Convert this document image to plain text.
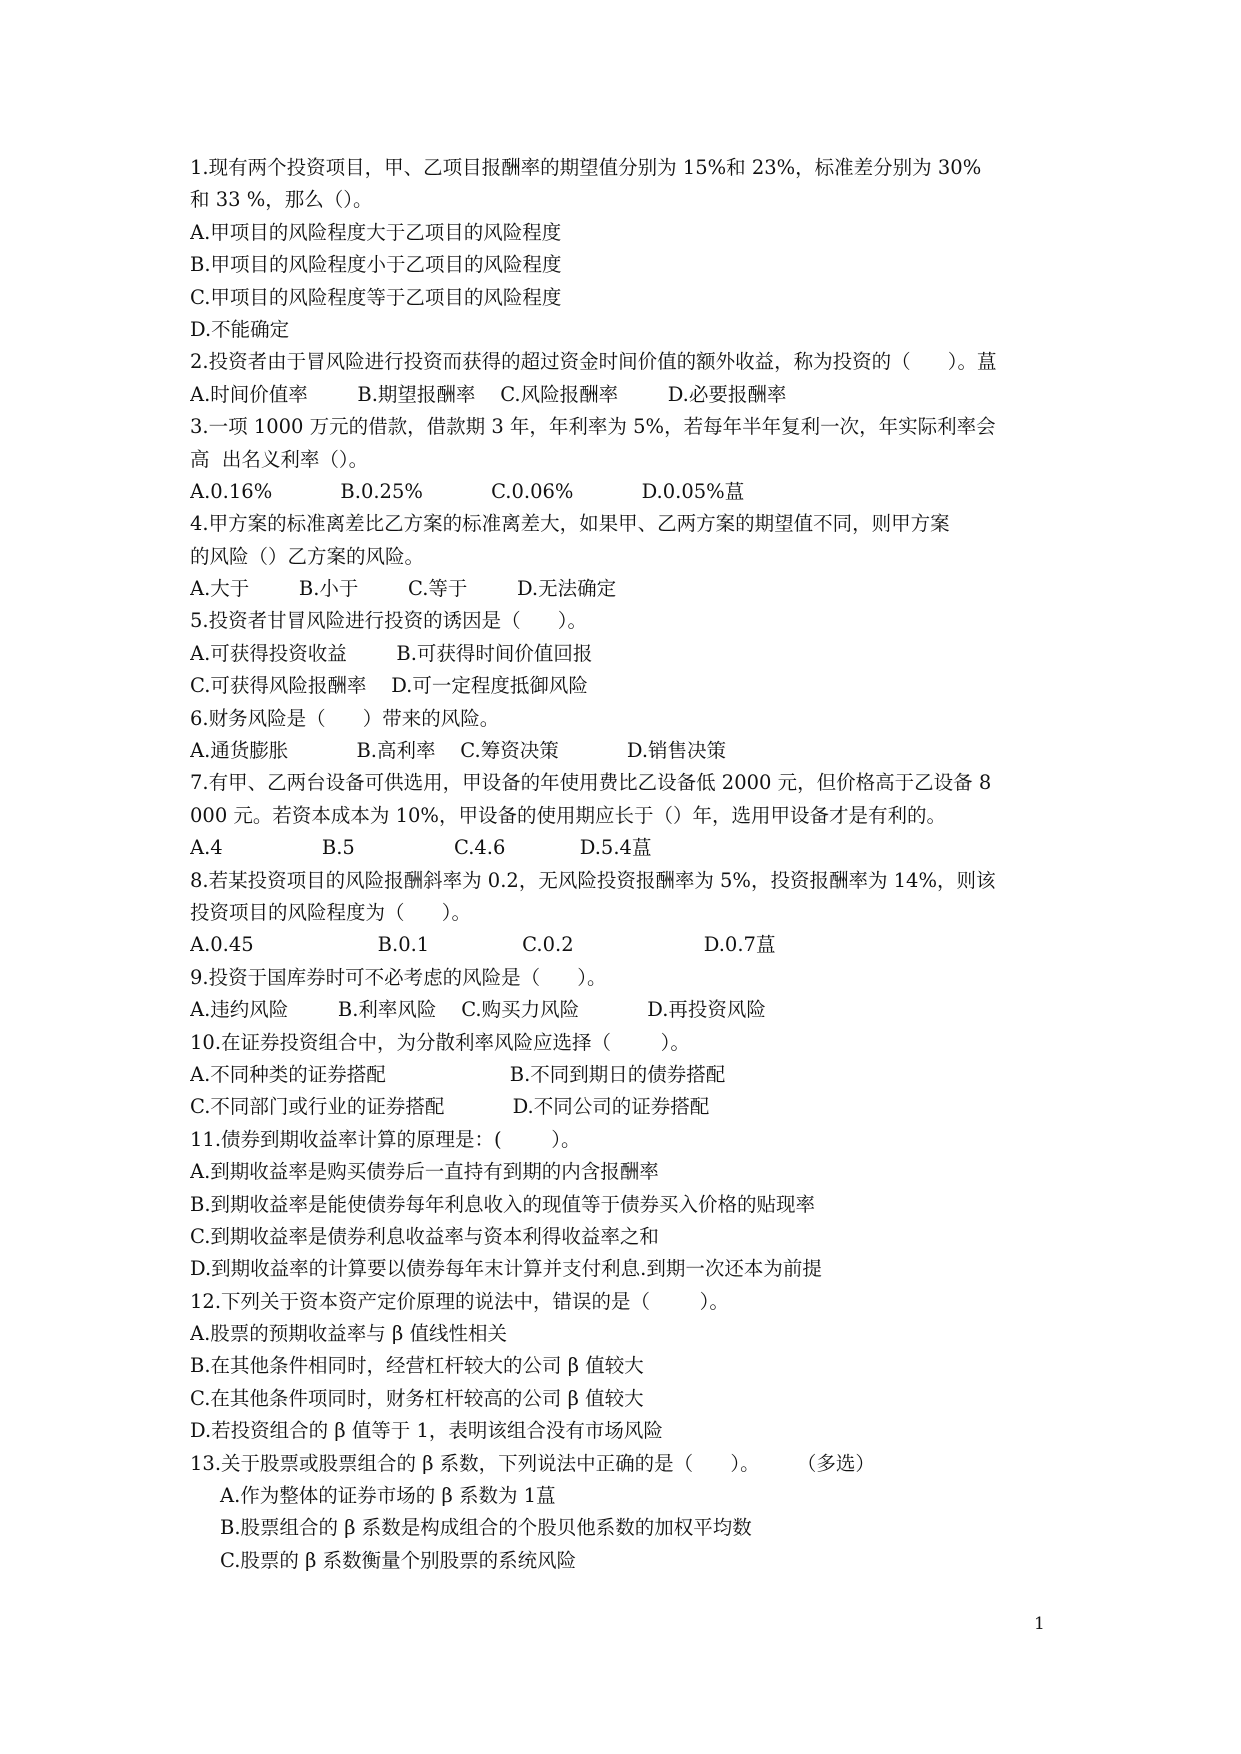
1.现有两个投资项目，甲、乙项目报酬率的期望值分别为 15%和 23%，标准差分别为 30%
和 33 %，那么（）。
A.甲项目的风险程度大于乙项目的风险程度
B.甲项目的风险程度小于乙项目的风险程度
C.甲项目的风险程度等于乙项目的风险程度
D.不能确定
2.投资者由于冒风险进行投资而获得的超过资金时间价值的额外收益，称为投资的（      ）。蒀
A.时间价值率        B.期望报酬率    C.风险报酬率        D.必要报酬率
3.一项 1000 万元的借款，借款期 3 年，年利率为 5%，若每年半年复利一次，年实际利率会
高  出名义利率（）。
A.0.16%           B.0.25%           C.0.06%           D.0.05%蒀
4.甲方案的标准离差比乙方案的标准离差大，如果甲、乙两方案的期望值不同，则甲方案
的风险（）乙方案的风险。
A.大于        B.小于        C.等于        D.无法确定
5.投资者甘冒风险进行投资的诱因是（      ）。
A.可获得投资收益        B.可获得时间价值回报
C.可获得风险报酬率    D.可一定程度抵御风险
6.财务风险是（      ）带来的风险。
A.通货膨胀           B.高利率    C.筹资决策           D.销售决策
7.有甲、乙两台设备可供选用，甲设备的年使用费比乙设备低 2000 元，但价格高于乙设备 8
000 元。若资本成本为 10%，甲设备的使用期应长于（）年，选用甲设备才是有利的。
A.4                B.5                C.4.6            D.5.4蒀
8.若某投资项目的风险报酬斜率为 0.2，无风险投资报酬率为 5%，投资报酬率为 14%，则该
投资项目的风险程度为（      ）。
A.0.45                    B.0.1               C.0.2                     D.0.7蒀
9.投资于国库券时可不必考虑的风险是（      ）。
A.违约风险        B.利率风险    C.购买力风险           D.再投资风险
10.在证券投资组合中，为分散利率风险应选择（        ）。
A.不同种类的证券搭配                    B.不同到期日的债券搭配
C.不同部门或行业的证券搭配           D.不同公司的证券搭配
11.债券到期收益率计算的原理是：(        ）。
A.到期收益率是购买债券后一直持有到期的内含报酬率
B.到期收益率是能使债券每年利息收入的现值等于债券买入价格的贴现率
C.到期收益率是债券利息收益率与资本利得收益率之和
D.到期收益率的计算要以债券每年末计算并支付利息.到期一次还本为前提
12.下列关于资本资产定价原理的说法中，错误的是（        ）。
A.股票的预期收益率与 β 值线性相关
B.在其他条件相同时，经营杠杆较大的公司 β 值较大
C.在其他条件项同时，财务杠杆较高的公司 β 值较大
D.若投资组合的 β 值等于 1，表明该组合没有市场风险
13.关于股票或股票组合的 β 系数，下列说法中正确的是（      ）。      （多选）
A.作为整体的证券市场的 β 系数为 1蒀
B.股票组合的 β 系数是构成组合的个股贝他系数的加权平均数
C.股票的 β 系数衡量个别股票的系统风险
1
